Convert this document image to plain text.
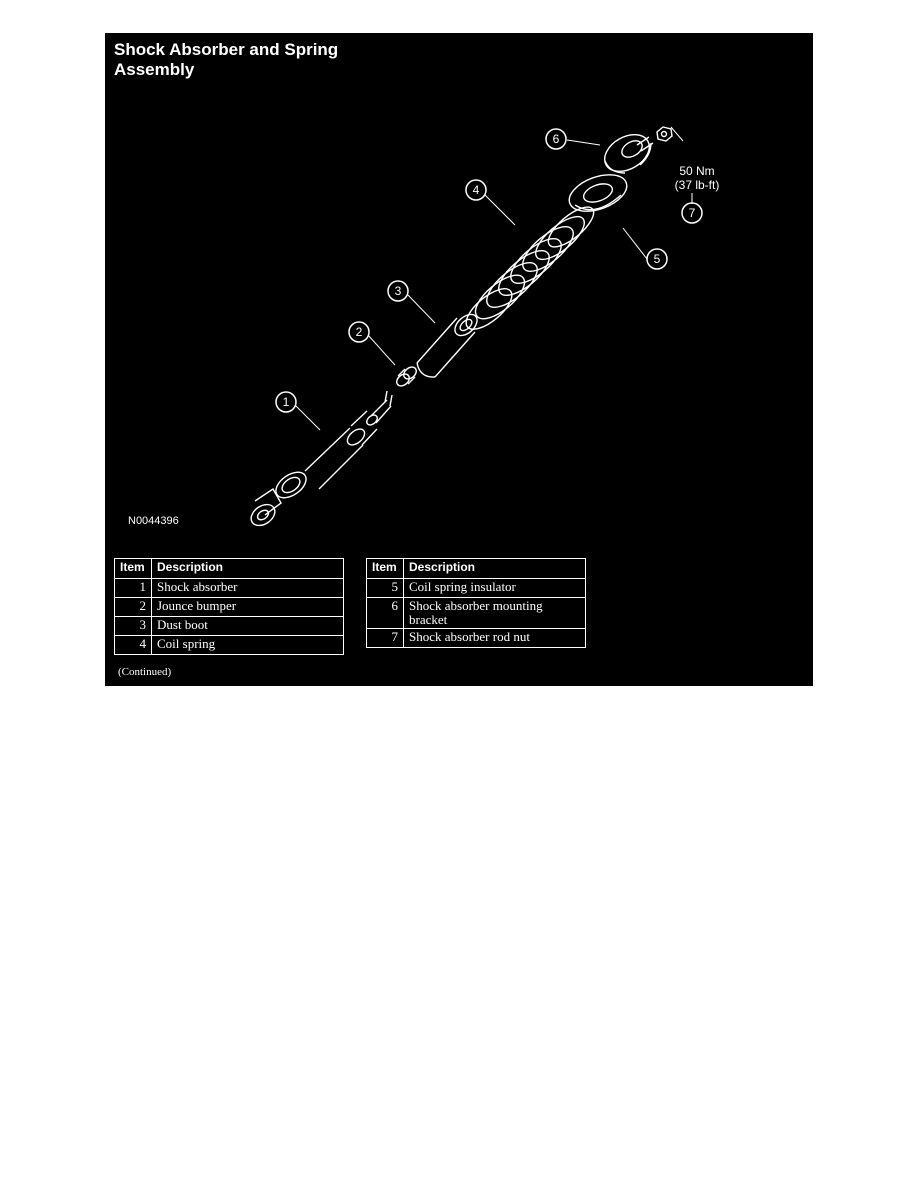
Shock Absorber and Spring
Assembly
1
2
3
4
5
6
7
50 Nm
(37 lb-ft)
N0044396
Item	Description
1	Shock absorber
2	Jounce bumper
3	Dust boot
4	Coil spring
Item	Description
5	Coil spring insulator
6	Shock absorber mounting bracket
7	Shock absorber rod nut
(Continued)
